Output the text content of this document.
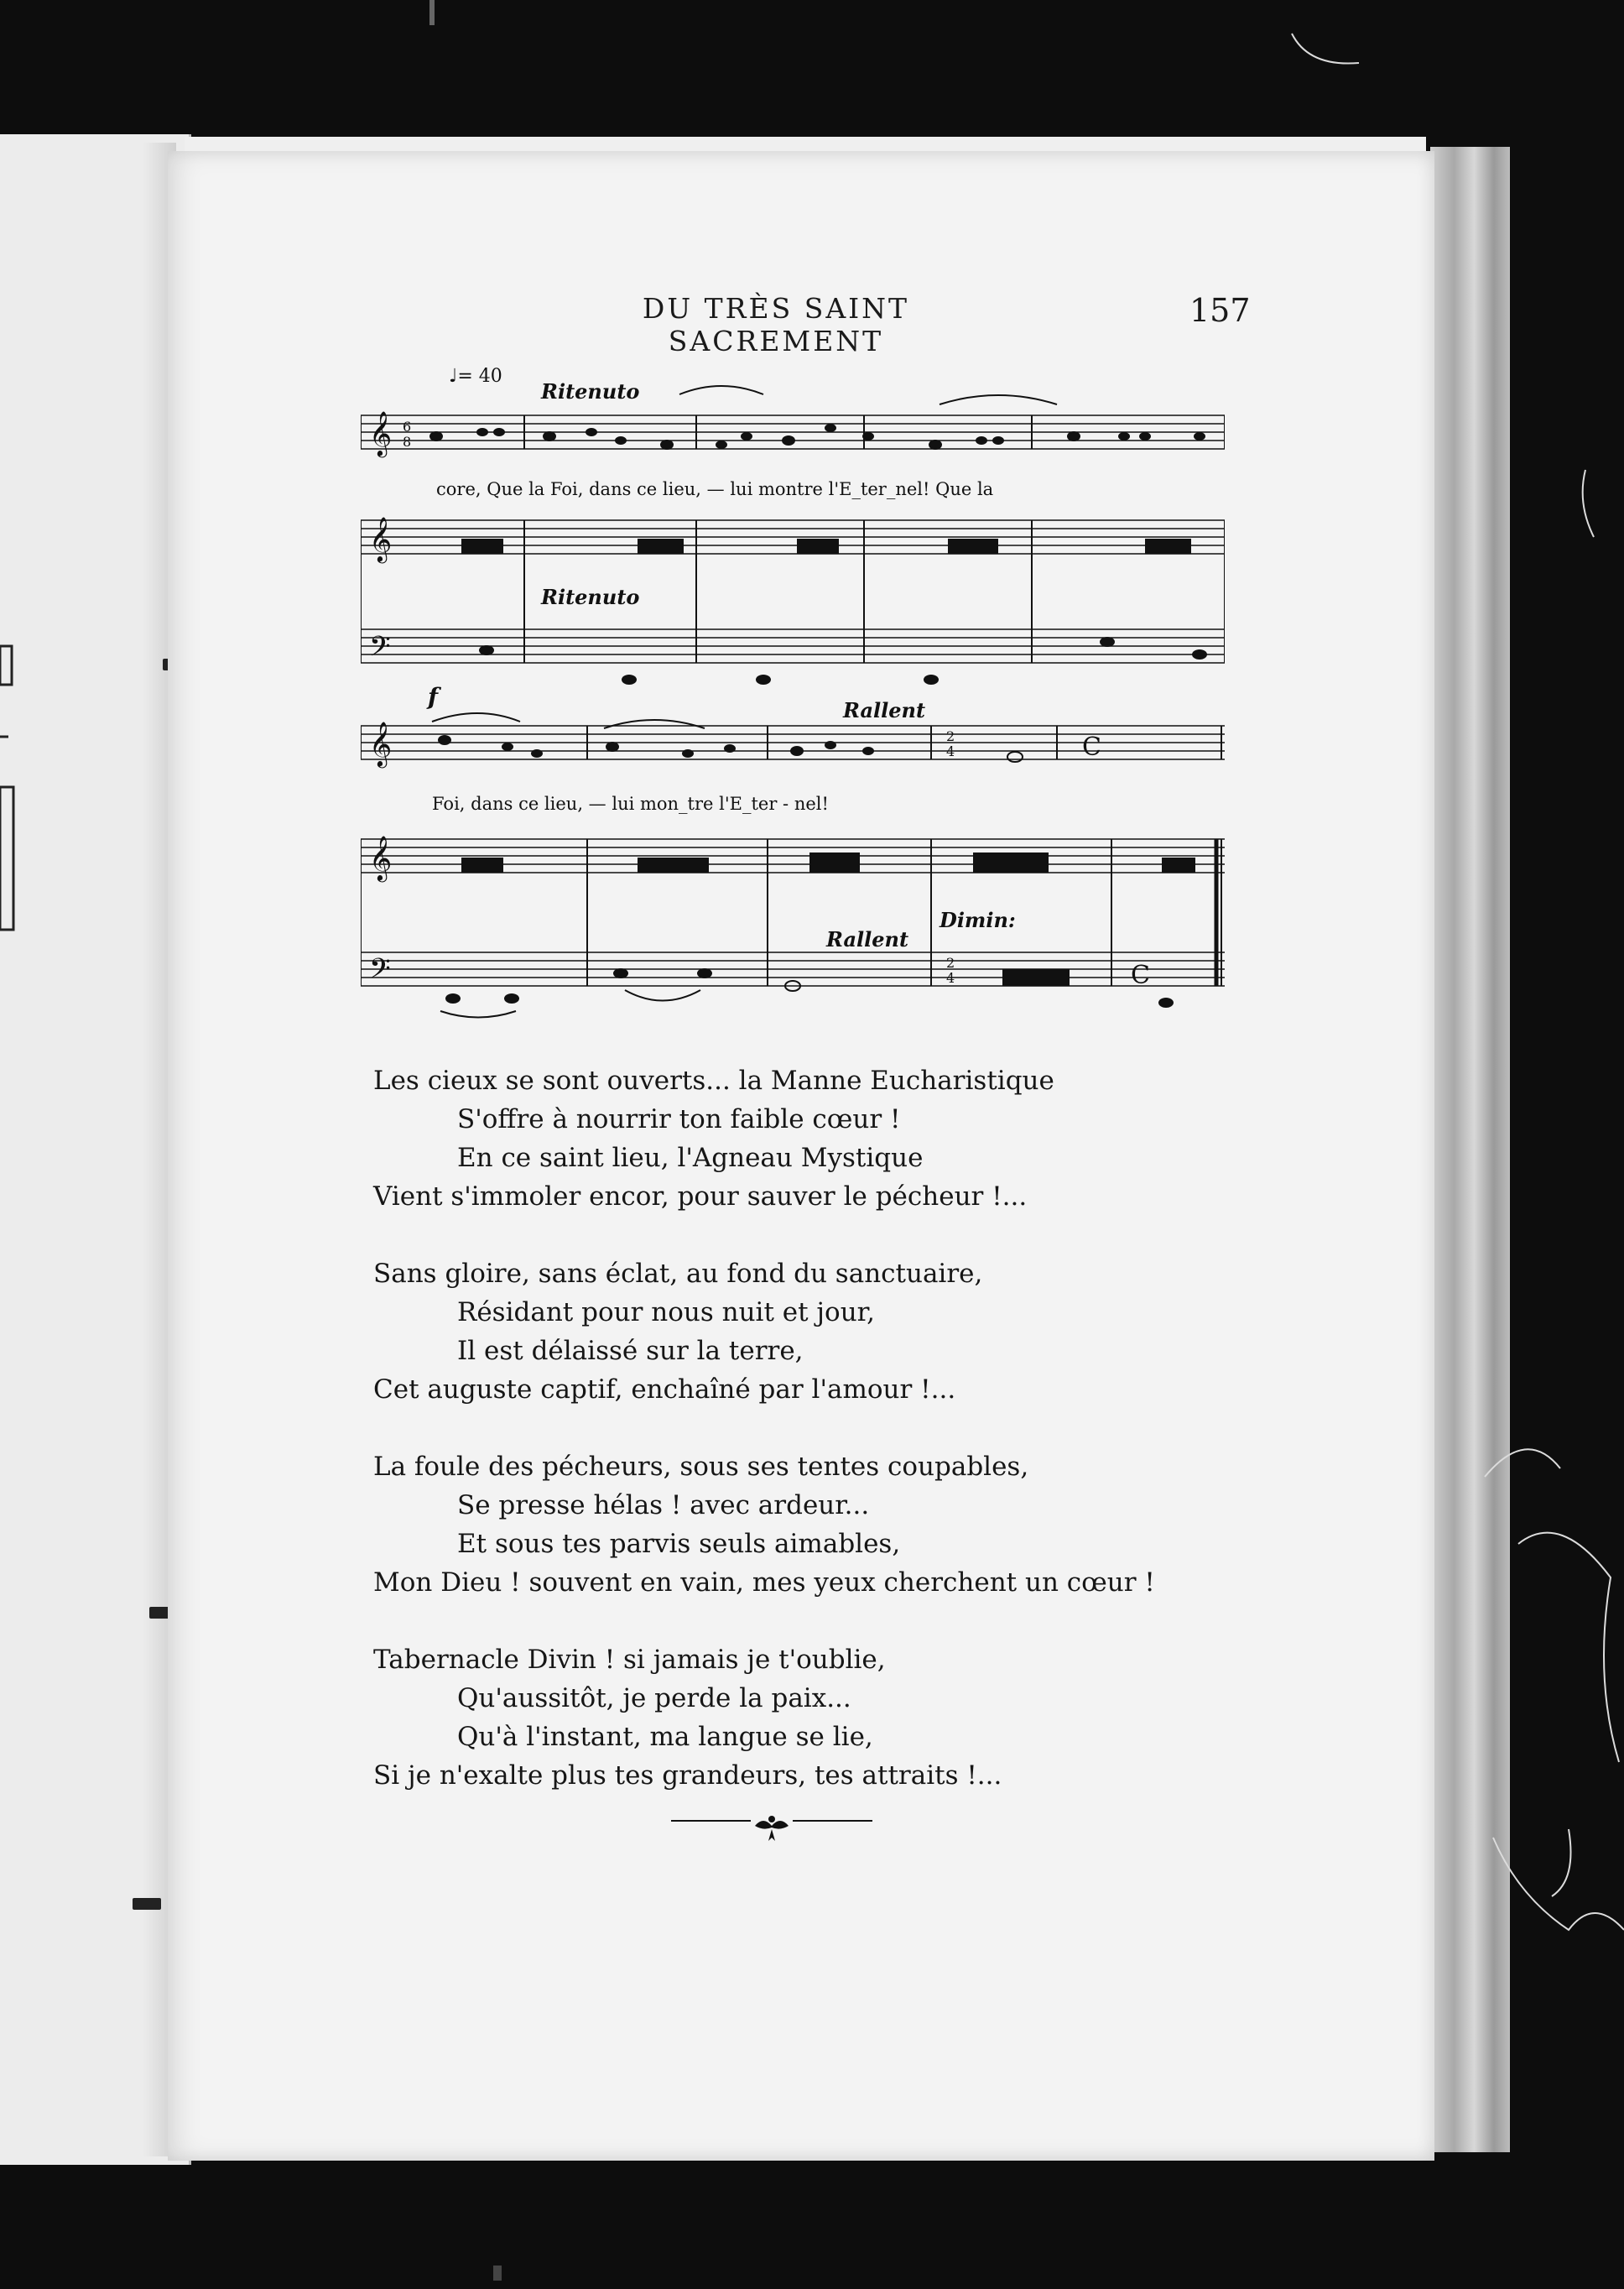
DU TRÈS SAINT SACREMENT
157
♩= 40
Ritenuto
𝄞 6
8
core, Que la Foi, dans ce lieu, — lui montre l'E_ter_nel! Que la
𝄞
Ritenuto
𝄢
f
𝄞
Rallent
C
2
4
Foi, dans ce lieu, — lui mon_tre l'E_ter - nel!
𝄞
Rallent
Dimin:
𝄢	2
4	C
Les cieux se sont ouverts... la Manne Eucharistique
S'offre à nourrir ton faible cœur !
En ce saint lieu, l'Agneau Mystique
Vient s'immoler encor, pour sauver le pécheur !...
Sans gloire, sans éclat, au fond du sanctuaire,
Résidant pour nous nuit et jour,
Il est délaissé sur la terre,
Cet auguste captif, enchaîné par l'amour !...
La foule des pécheurs, sous ses tentes coupables,
Se presse hélas ! avec ardeur...
Et sous tes parvis seuls aimables,
Mon Dieu ! souvent en vain, mes yeux cherchent un cœur !
Tabernacle Divin ! si jamais je t'oublie,
Qu'aussitôt, je perde la paix...
Qu'à l'instant, ma langue se lie,
Si je n'exalte plus tes grandeurs, tes attraits !...
